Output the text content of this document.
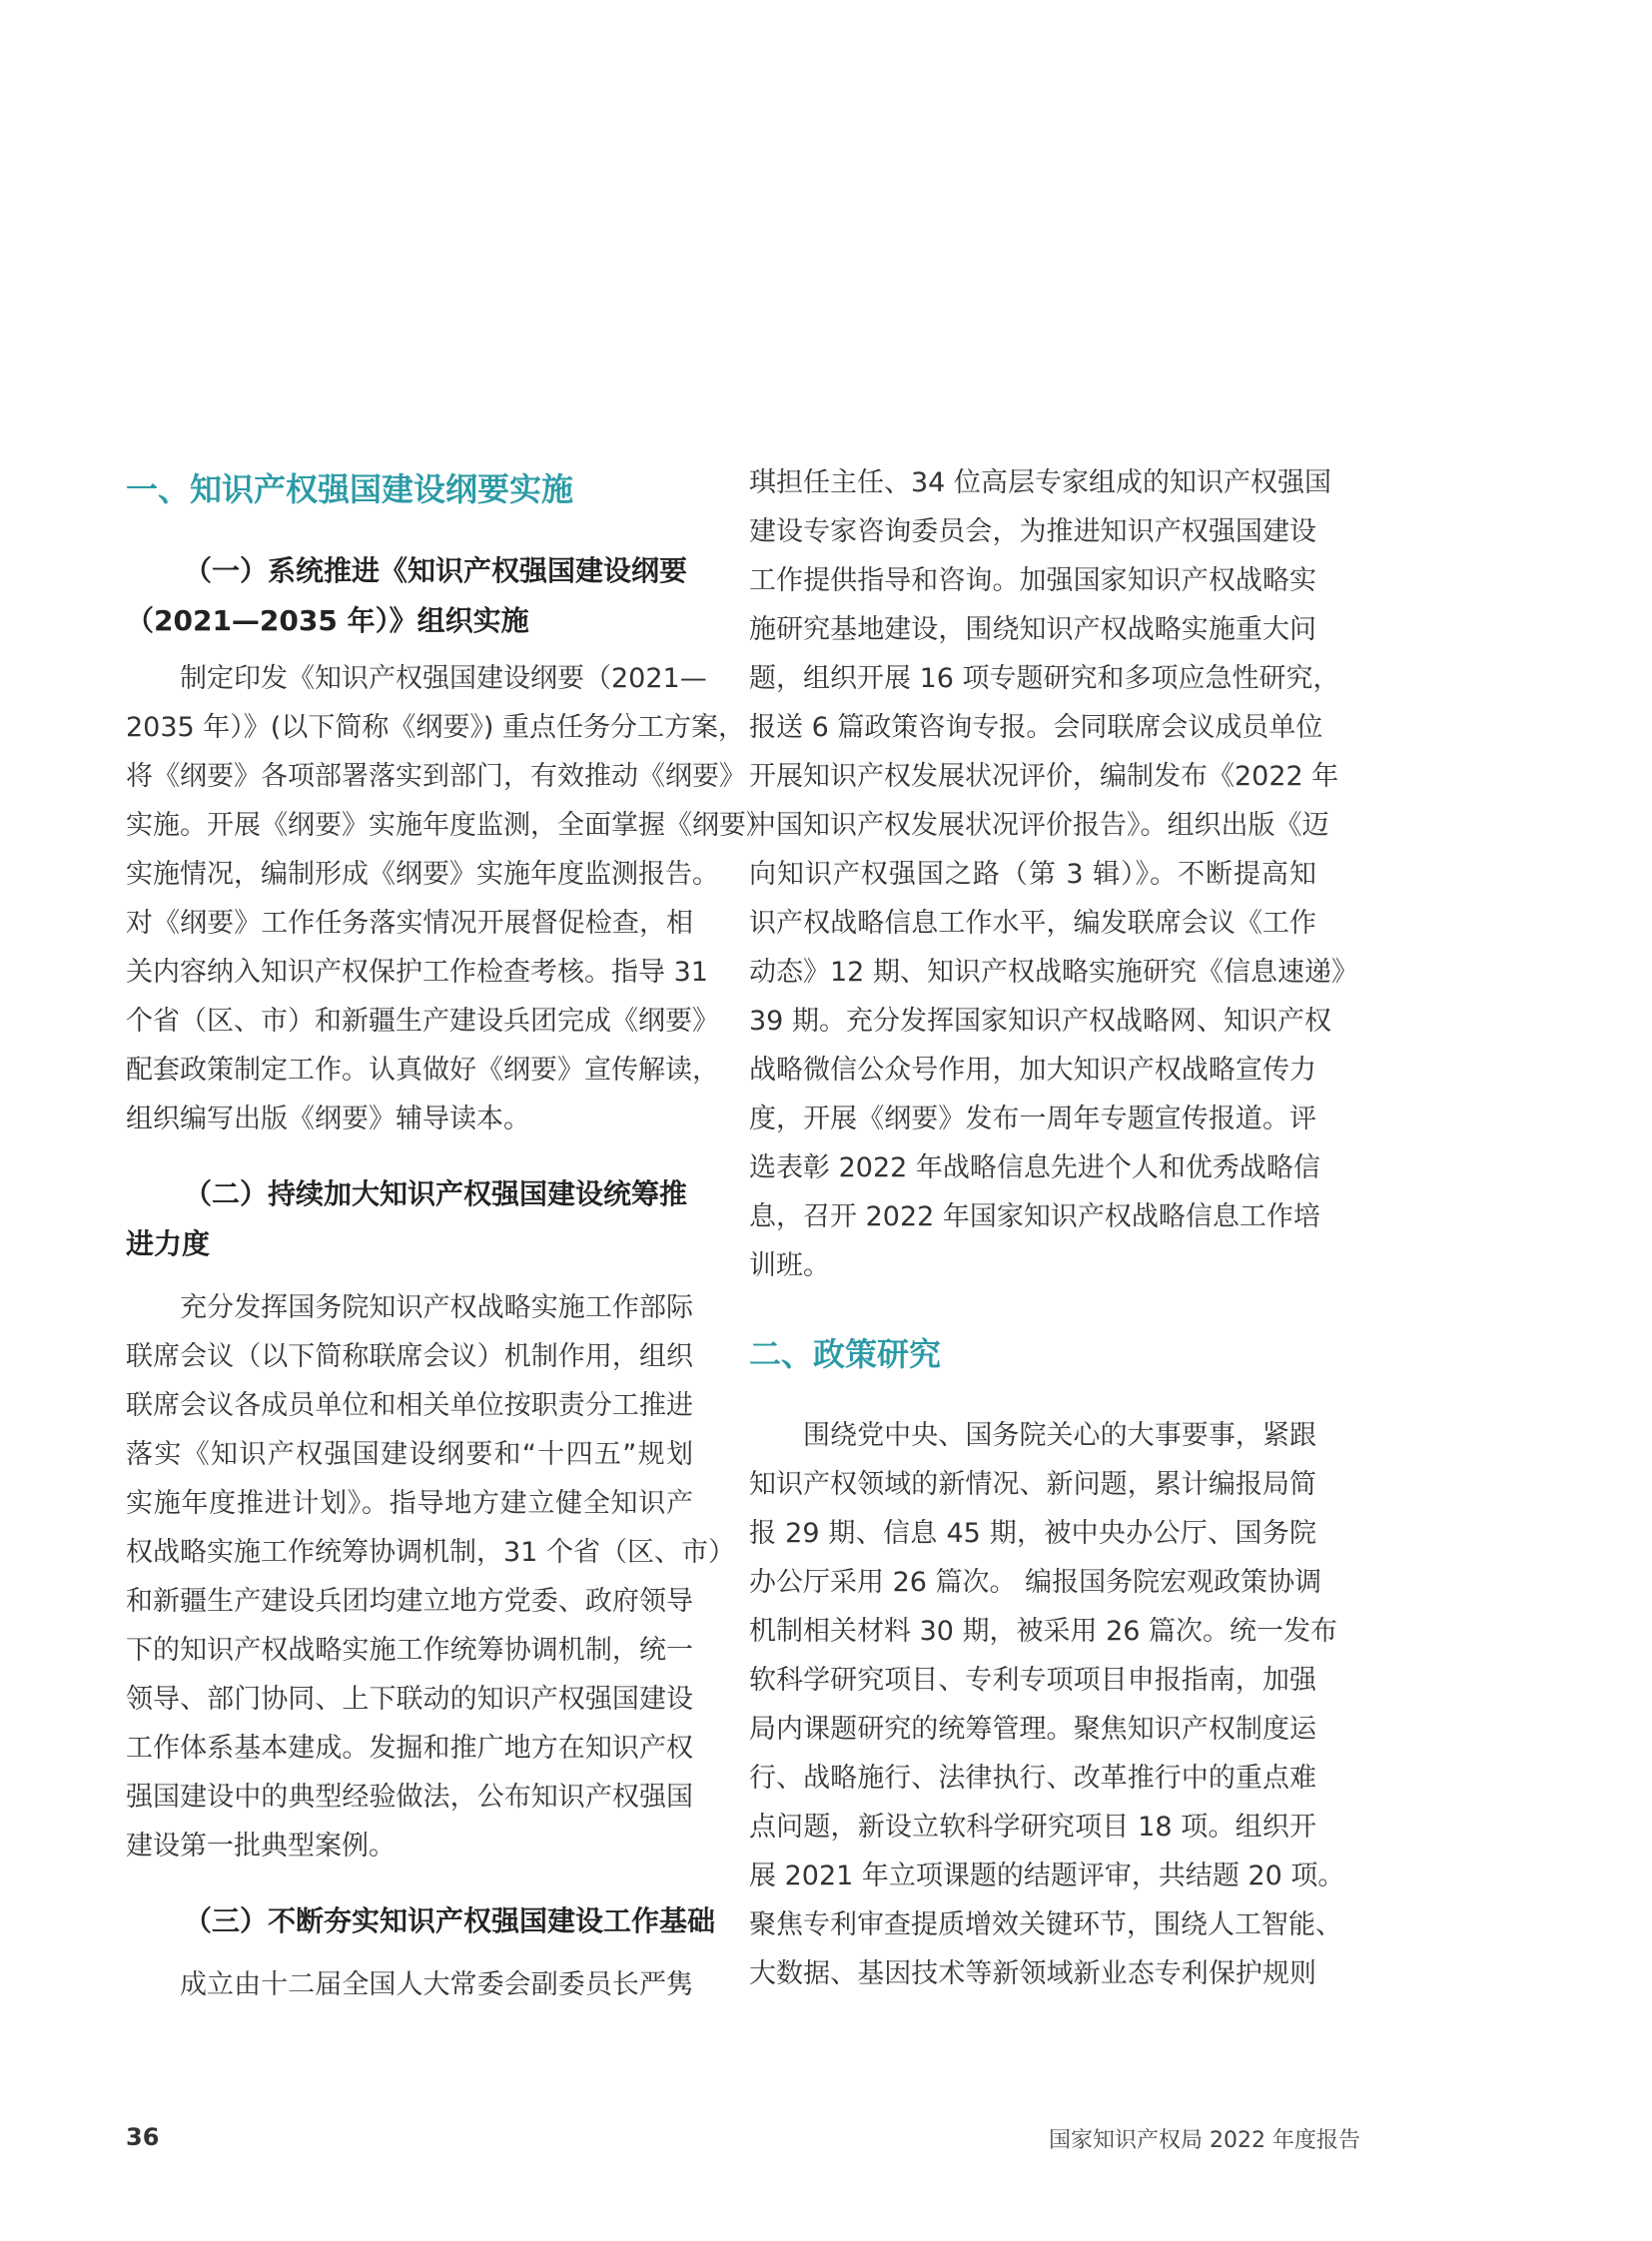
一、知识产权强国建设纲要实施
（一）系统推进《知识产权强国建设纲要
（2021—2035 年）》组织实施
制定印发《知识产权强国建设纲要（2021—
2035 年）》(以下简称《纲要》) 重点任务分工方案，
将《纲要》各项部署落实到部门，有效推动《纲要》
实施。开展《纲要》实施年度监测，全面掌握《纲要》
实施情况，编制形成《纲要》实施年度监测报告。
对《纲要》工作任务落实情况开展督促检查，相
关内容纳入知识产权保护工作检查考核。指导 31
个省（区、市）和新疆生产建设兵团完成《纲要》
配套政策制定工作。认真做好《纲要》宣传解读，
组织编写出版《纲要》辅导读本。
（二）持续加大知识产权强国建设统筹推
进力度
充分发挥国务院知识产权战略实施工作部际
联席会议（以下简称联席会议）机制作用，组织
联席会议各成员单位和相关单位按职责分工推进
落实《知识产权强国建设纲要和“十四五”规划
实施年度推进计划》。指导地方建立健全知识产
权战略实施工作统筹协调机制，31 个省（区、市）
和新疆生产建设兵团均建立地方党委、政府领导
下的知识产权战略实施工作统筹协调机制，统一
领导、部门协同、上下联动的知识产权强国建设
工作体系基本建成。发掘和推广地方在知识产权
强国建设中的典型经验做法，公布知识产权强国
建设第一批典型案例。
（三）不断夯实知识产权强国建设工作基础
成立由十二届全国人大常委会副委员长严隽
琪担任主任、34 位高层专家组成的知识产权强国
建设专家咨询委员会，为推进知识产权强国建设
工作提供指导和咨询。加强国家知识产权战略实
施研究基地建设，围绕知识产权战略实施重大问
题，组织开展 16 项专题研究和多项应急性研究，
报送 6 篇政策咨询专报。会同联席会议成员单位
开展知识产权发展状况评价，编制发布《2022 年
中国知识产权发展状况评价报告》。组织出版《迈
向知识产权强国之路（第 3 辑）》。不断提高知
识产权战略信息工作水平，编发联席会议《工作
动态》12 期、知识产权战略实施研究《信息速递》
39 期。充分发挥国家知识产权战略网、知识产权
战略微信公众号作用，加大知识产权战略宣传力
度，开展《纲要》发布一周年专题宣传报道。评
选表彰 2022 年战略信息先进个人和优秀战略信
息，召开 2022 年国家知识产权战略信息工作培
训班。
二、政策研究
围绕党中央、国务院关心的大事要事，紧跟
知识产权领域的新情况、新问题，累计编报局简
报 29 期、信息 45 期，被中央办公厅、国务院
办公厅采用 26 篇次。 编报国务院宏观政策协调
机制相关材料 30 期，被采用 26 篇次。统一发布
软科学研究项目、专利专项项目申报指南，加强
局内课题研究的统筹管理。聚焦知识产权制度运
行、战略施行、法律执行、改革推行中的重点难
点问题，新设立软科学研究项目 18 项。组织开
展 2021 年立项课题的结题评审，共结题 20 项。
聚焦专利审查提质增效关键环节，围绕人工智能、
大数据、基因技术等新领域新业态专利保护规则
36	国家知识产权局 2022 年度报告
